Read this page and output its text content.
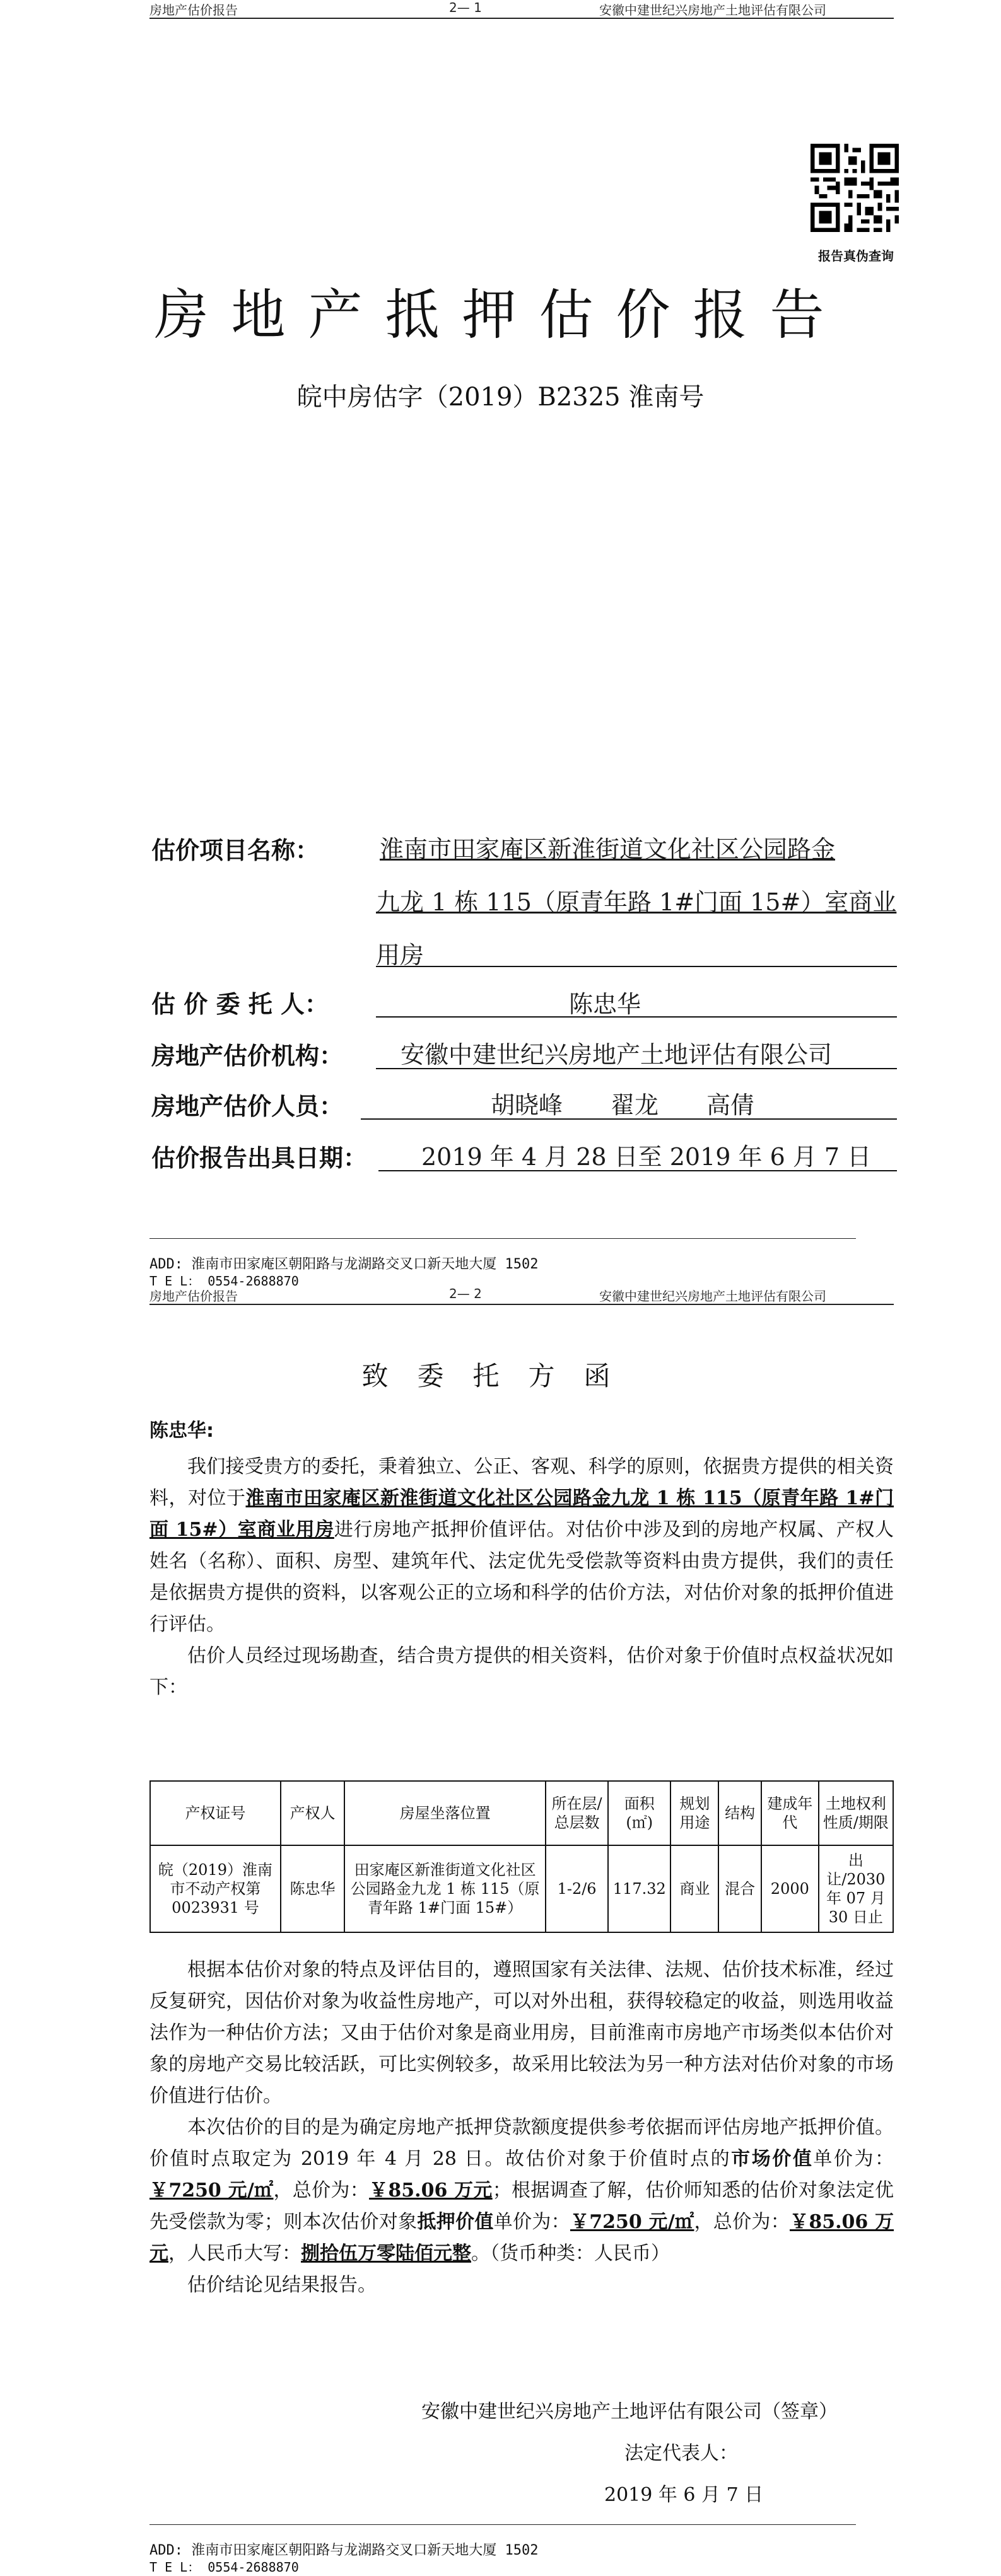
房地产估价报告	2— 1	安徽中建世纪兴房地产土地评估有限公司
报告真伪查询
房地产抵押估价报告
皖中房估字（2019）B2325 淮南号
估价项目名称：	淮南市田家庵区新淮街道文化社区公园路金
九龙 1 栋 115（原青年路 1#门面 15#）室商业
用房
估 价 委 托 人：	陈忠华
房地产估价机构： 安徽中建世纪兴房地产土地评估有限公司
房地产估价人员：	胡晓峰　　翟龙　　高倩
估价报告出具日期： 2019 年 4 月 28 日至 2019 年 6 月 7 日
ADD: 淮南市田家庵区朝阳路与龙湖路交叉口新天地大厦 1502
T E L： 0554-2688870
房地产估价报告	2— 2	安徽中建世纪兴房地产土地评估有限公司
致委托方函
陈忠华:

我们接受贵方的委托，秉着独立、公正、客观、科学的原则，依据贵方提供的相关资料，对位于淮南市田家庵区新淮街道文化社区公园路金九龙 1 栋 115（原青年路 1#门面 15#）室商业用房进行房地产抵押价值评估。对估价中涉及到的房地产权属、产权人姓名（名称）、面积、房型、建筑年代、法定优先受偿款等资料由贵方提供，我们的责任是依据贵方提供的资料，以客观公正的立场和科学的估价方法，对估价对象的抵押价值进行评估。

估价人员经过现场勘查，结合贵方提供的相关资料，估价对象于价值时点权益状况如下：

产权证号	产权人	房屋坐落位置	所在层/总层数	面积(㎡)	规划用途	结构	建成年代	土地权利性质/期限
皖（2019）淮南市不动产权第 0023931 号	陈忠华	田家庵区新淮街道文化社区公园路金九龙 1 栋 115（原青年路 1#门面 15#）	1-2/6	117.32	商业	混合	2000	出让/2030 年 07 月 30 日止

根据本估价对象的特点及评估目的，遵照国家有关法律、法规、估价技术标准，经过反复研究，因估价对象为收益性房地产，可以对外出租，获得较稳定的收益，则选用收益法作为一种估价方法；又由于估价对象是商业用房，目前淮南市房地产市场类似本估价对象的房地产交易比较活跃，可比实例较多，故采用比较法为另一种方法对估价对象的市场价值进行估价。

本次估价的目的是为确定房地产抵押贷款额度提供参考依据而评估房地产抵押价值。价值时点取定为 2019 年 4 月 28 日。故估价对象于价值时点的市场价值单价为：￥7250 元/㎡，总价为：￥85.06 万元；根据调查了解，估价师知悉的估价对象法定优先受偿款为零；则本次估价对象抵押价值单价为：￥7250 元/㎡，总价为：￥85.06 万元，人民币大写：捌拾伍万零陆佰元整。（货币种类：人民币）

估价结论见结果报告。

安徽中建世纪兴房地产土地评估有限公司（签章）
法定代表人：
2019 年 6 月 7 日
ADD: 淮南市田家庵区朝阳路与龙湖路交叉口新天地大厦 1502
T E L： 0554-2688870
